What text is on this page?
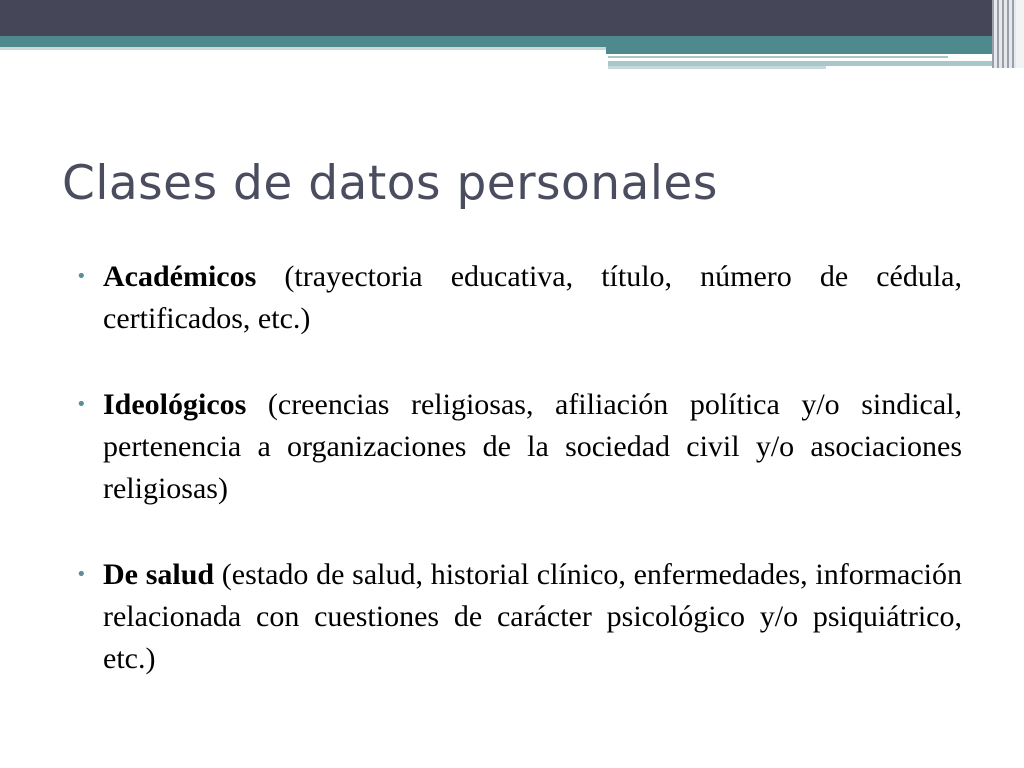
Clases de datos personales
• Académicos (trayectoria educativa, título, número de cédula, certificados, etc.)
• Ideológicos (creencias religiosas, afiliación política y/o sindical, pertenencia a organizaciones de la sociedad civil y/o asociaciones religiosas)
• De salud (estado de salud, historial clínico, enfermedades, información relacionada con cuestiones de carácter psicológico y/o psiquiátrico, etc.)
